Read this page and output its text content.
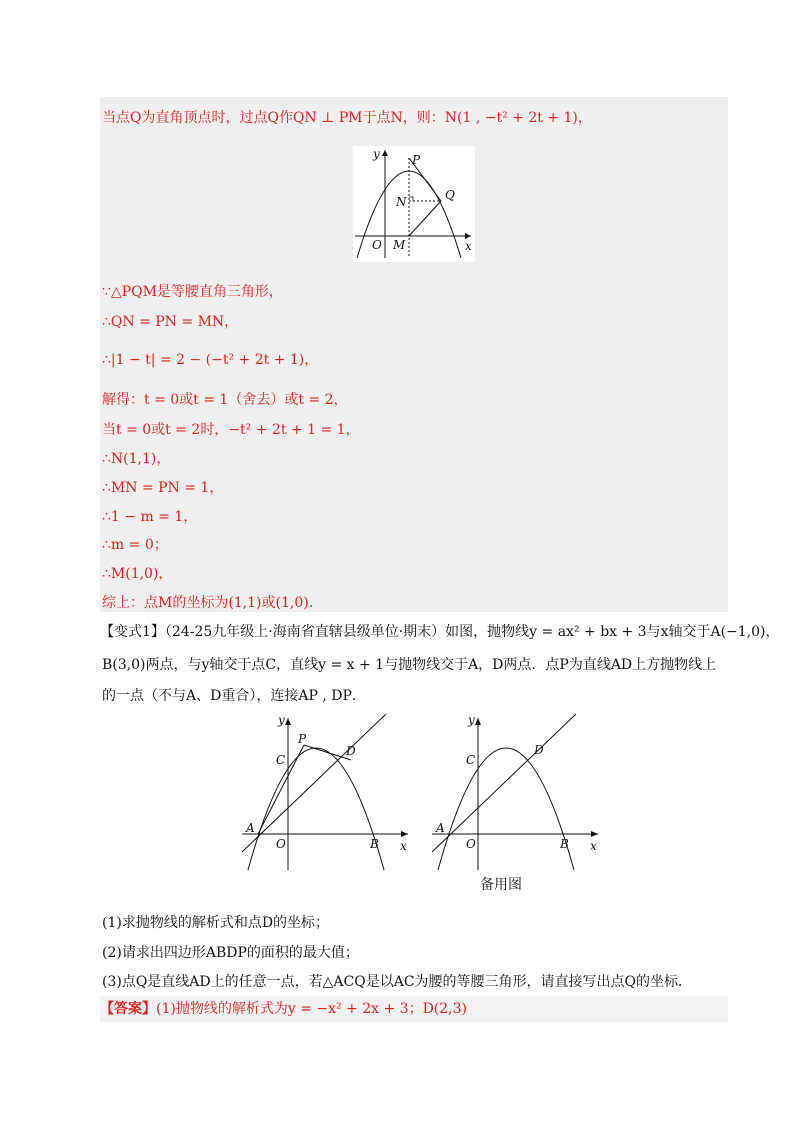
当点Q为直角顶点时，过点Q作QN ⊥ PM于点N，则：N(1 , −t² + 2t + 1)，
y	P
Q
N
O M	x
∵△PQM是等腰直角三角形，
∴QN = PN = MN，
∴|1 − t| = 2 − (−t² + 2t + 1)，
解得：t = 0或t = 1（舍去）或t = 2，
当t = 0或t = 2时，−t² + 2t + 1 = 1，
∴N(1,1)，
∴MN = PN = 1，
∴1 − m = 1，
∴m = 0；
∴M(1,0)，
综上：点M的坐标为(1,1)或(1,0).
【变式1】（24-25九年级上·海南省直辖县级单位·期末）如图，抛物线y = ax² + bx + 3与x轴交于A(−1,0)，
B(3,0)两点，与y轴交于点C，直线y = x + 1与抛物线交于A，D两点．点P为直线AD上方抛物线上
的一点（不与A、D重合），连接AP , DP．
y
P
C
D
A
O	B x
y
C
D
A
O	B x
备用图
(1)求抛物线的解析式和点D的坐标；
(2)请求出四边形ABDP的面积的最大值；
(3)点Q是直线AD上的任意一点，若△ACQ是以AC为腰的等腰三角形，请直接写出点Q的坐标．
【答案】(1)抛物线的解析式为y = −x² + 2x + 3；D(2,3)
